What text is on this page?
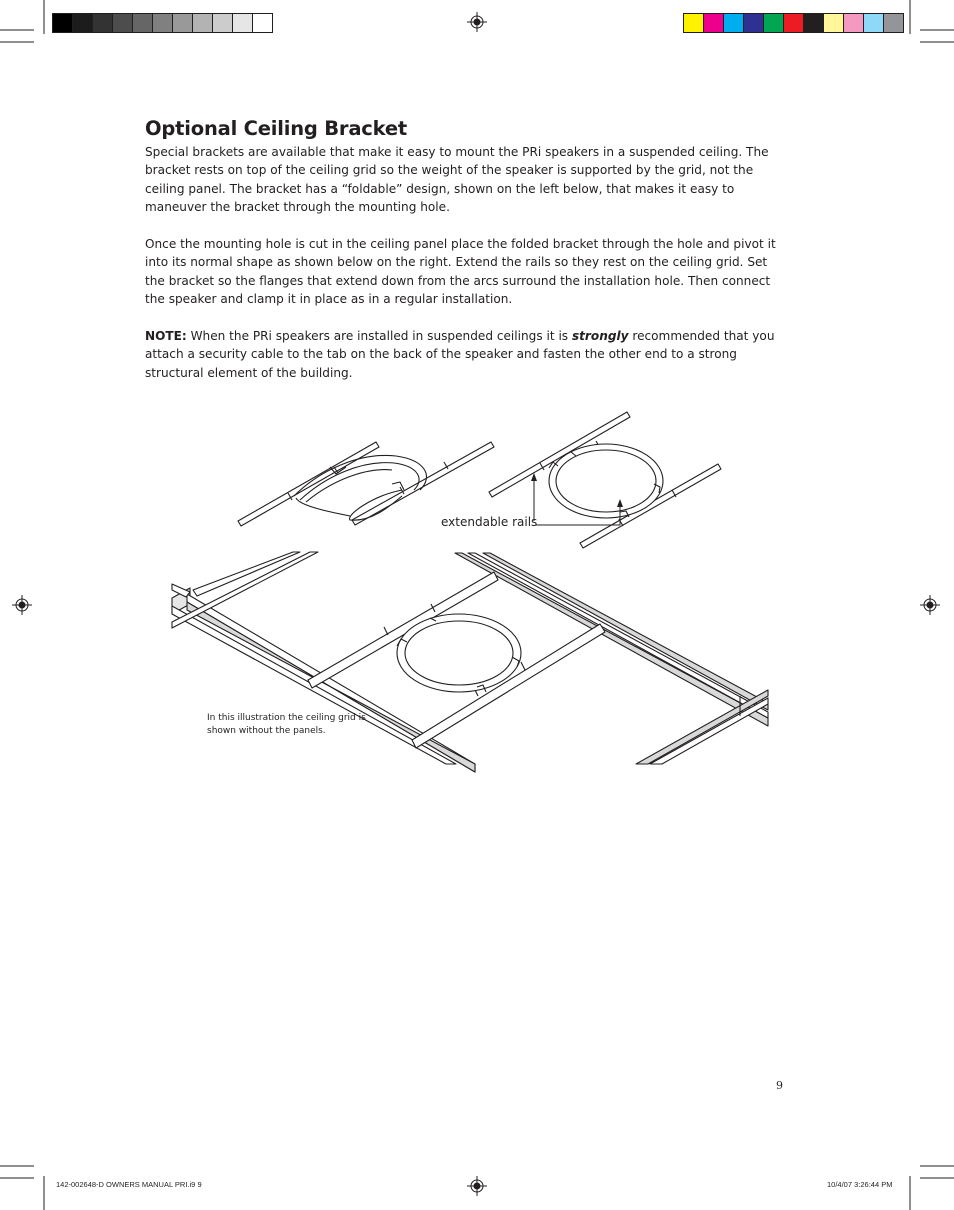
Optional Ceiling Bracket

Special brackets are available that make it easy to mount the PRi speakers in a suspended ceiling. The bracket rests on top of the ceiling grid so the weight of the speaker is supported by the grid, not the ceiling panel. The bracket has a “foldable” design, shown on the left below, that makes it easy to maneuver the bracket through the mounting hole.

Once the mounting hole is cut in the ceiling panel place the folded bracket through the hole and pivot it into its normal shape as shown below on the right. Extend the rails so they rest on the ceiling grid. Set the bracket so the flanges that extend down from the arcs surround the installation hole. Then connect the speaker and clamp it in place as in a regular installation.

NOTE: When the PRi speakers are installed in suspended ceilings it is strongly recommended that you attach a security cable to the tab on the back of the speaker and fasten the other end to a strong structural element of the building.

extendable rails
In this illustration the ceiling grid is shown without the panels.
9
142-002648-D OWNERS MANUAL PRI.i9 9	10/4/07 3:26:44 PM
